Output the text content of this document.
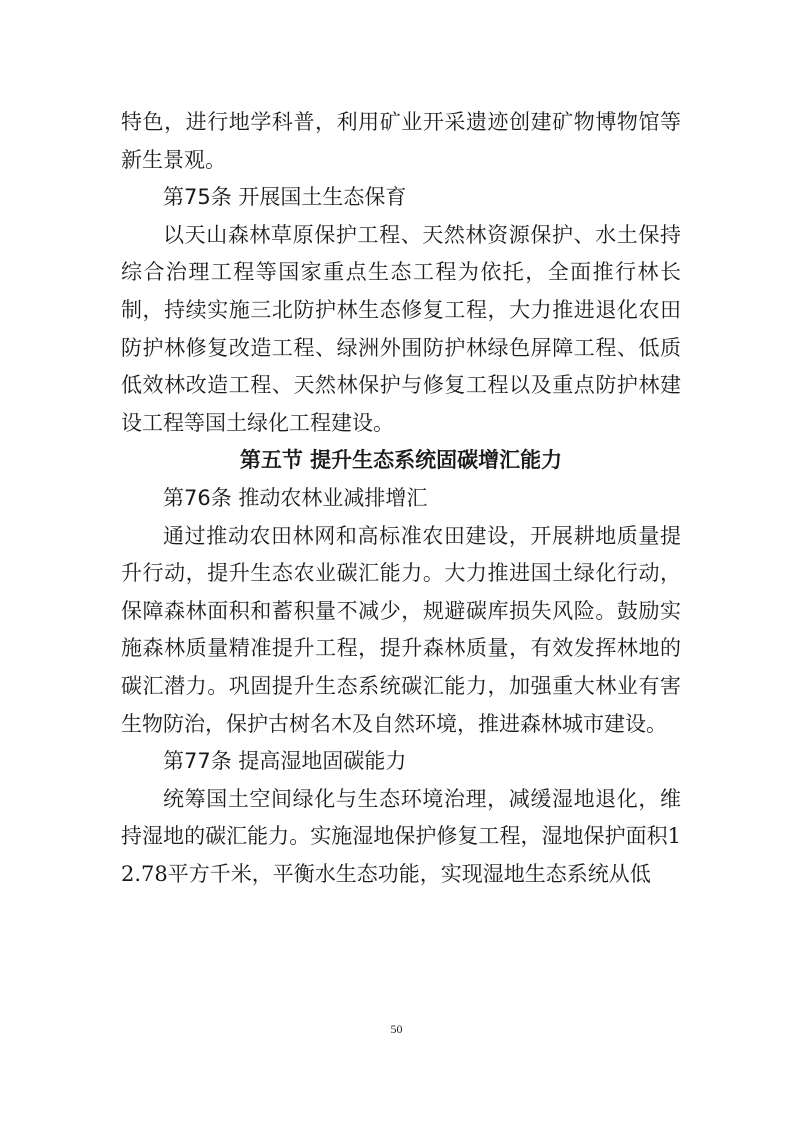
特色，进行地学科普，利用矿业开采遗迹创建矿物博物馆等新生景观。

第75条 开展国土生态保育

以天山森林草原保护工程、天然林资源保护、水土保持综合治理工程等国家重点生态工程为依托，全面推行林长制，持续实施三北防护林生态修复工程，大力推进退化农田防护林修复改造工程、绿洲外围防护林绿色屏障工程、低质低效林改造工程、天然林保护与修复工程以及重点防护林建设工程等国土绿化工程建设。

第五节 提升生态系统固碳增汇能力

第76条 推动农林业减排增汇

通过推动农田林网和高标准农田建设，开展耕地质量提升行动，提升生态农业碳汇能力。大力推进国土绿化行动，保障森林面积和蓄积量不减少，规避碳库损失风险。鼓励实施森林质量精准提升工程，提升森林质量，有效发挥林地的碳汇潜力。巩固提升生态系统碳汇能力，加强重大林业有害生物防治，保护古树名木及自然环境，推进森林城市建设。

第77条 提高湿地固碳能力

统筹国土空间绿化与生态环境治理，减缓湿地退化，维持湿地的碳汇能力。实施湿地保护修复工程，湿地保护面积12.78平方千米，平衡水生态功能，实现湿地生态系统从低

50
